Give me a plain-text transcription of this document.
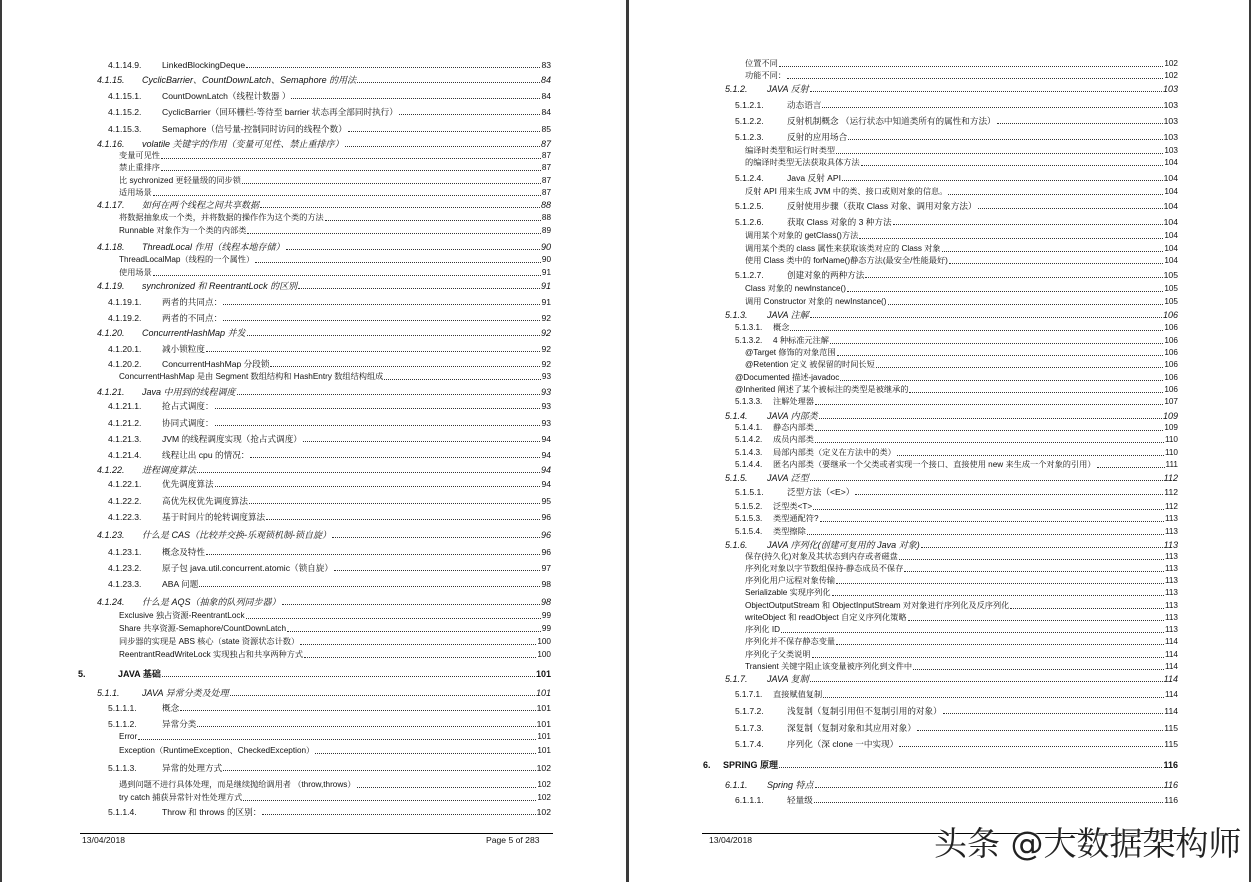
4.1.14.9.	LinkedBlockingDeque	83
4.1.15.	CyclicBarrier、CountDownLatch、Semaphore 的用法	84
4.1.15.1.	CountDownLatch（线程计数器 ）	84
4.1.15.2.	CyclicBarrier（回环栅栏-等待至 barrier 状态再全部同时执行）	84
4.1.15.3.	Semaphore（信号量-控制同时访问的线程个数）	85
4.1.16.	volatile 关键字的作用（变量可见性、禁止重排序）	87
变量可见性	87
禁止重排序	87
比 sychronized 更轻量级的同步锁	87
适用场景	87
4.1.17.	如何在两个线程之间共享数据	88
将数据抽象成一个类，并将数据的操作作为这个类的方法	88
Runnable 对象作为一个类的内部类	89
4.1.18.	ThreadLocal 作用（线程本地存储）	90
ThreadLocalMap（线程的一个属性）	90
使用场景	91
4.1.19.	synchronized 和 ReentrantLock 的区别	91
4.1.19.1.	两者的共同点：	91
4.1.19.2.	两者的不同点：	92
4.1.20.	ConcurrentHashMap 并发	92
4.1.20.1.	减小锁粒度	92
4.1.20.2.	ConcurrentHashMap 分段锁	92
ConcurrentHashMap 是由 Segment 数组结构和 HashEntry 数组结构组成	93
4.1.21.	Java 中用到的线程调度	93
4.1.21.1.	抢占式调度：	93
4.1.21.2.	协同式调度：	93
4.1.21.3.	JVM 的线程调度实现（抢占式调度）	94
4.1.21.4.	线程让出 cpu 的情况：	94
4.1.22.	进程调度算法	94
4.1.22.1.	优先调度算法	94
4.1.22.2.	高优先权优先调度算法	95
4.1.22.3.	基于时间片的轮转调度算法	96
4.1.23.	什么是 CAS（比较并交换-乐观锁机制-锁自旋）	96
4.1.23.1.	概念及特性	96
4.1.23.2.	原子包 java.util.concurrent.atomic（锁自旋）	97
4.1.23.3.	ABA 问题	98
4.1.24.	什么是 AQS（抽象的队列同步器）	98
Exclusive 独占资源-ReentrantLock	99
Share 共享资源-Semaphore/CountDownLatch	99
同步器的实现是 ABS 核心（state 资源状态计数）	100
ReentrantReadWriteLock 实现独占和共享两种方式	100
5.	JAVA 基础	101
5.1.1.	JAVA 异常分类及处理	101
5.1.1.1.	概念	101
5.1.1.2.	异常分类	101
Error	101
Exception（RuntimeException、CheckedException）	101
5.1.1.3.	异常的处理方式	102
遇到问题不进行具体处理，而是继续抛给调用者 （throw,throws）	102
try catch 捕获异常针对性处理方式	102
5.1.1.4.	Throw 和 throws 的区别：	102
13/04/2018	Page 5 of 283
位置不同	102
功能不同：	102
5.1.2.	JAVA 反射	103
5.1.2.1.	动态语言	103
5.1.2.2.	反射机制概念 （运行状态中知道类所有的属性和方法）	103
5.1.2.3.	反射的应用场合	103
编译时类型和运行时类型	103
的编译时类型无法获取具体方法	104
5.1.2.4.	Java 反射 API	104
反射 API 用来生成 JVM 中的类、接口或则对象的信息。	104
5.1.2.5.	反射使用步骤（获取 Class 对象、调用对象方法）	104
5.1.2.6.	获取 Class 对象的 3 种方法	104
调用某个对象的 getClass()方法	104
调用某个类的 class 属性来获取该类对应的 Class 对象	104
使用 Class 类中的 forName()静态方法(最安全/性能最好)	104
5.1.2.7.	创建对象的两种方法	105
Class 对象的 newInstance()	105
调用 Constructor 对象的 newInstance()	105
5.1.3.	JAVA 注解	106
5.1.3.1.	概念	106
5.1.3.2.	4 种标准元注解	106
@Target 修饰的对象范围	106
@Retention 定义 被保留的时间长短	106
@Documented 描述-javadoc	106
@Inherited 阐述了某个被标注的类型是被继承的	106
5.1.3.3.	注解处理器	107
5.1.4.	JAVA 内部类	109
5.1.4.1.	静态内部类	109
5.1.4.2.	成员内部类	110
5.1.4.3.	局部内部类（定义在方法中的类）	110
5.1.4.4.	匿名内部类（要继承一个父类或者实现一个接口、直接使用 new 来生成一个对象的引用）	111
5.1.5.	JAVA 泛型	112
5.1.5.1.	泛型方法（<E>）	112
5.1.5.2.	泛型类<T>	112
5.1.5.3.	类型通配符?	113
5.1.5.4.	类型擦除	113
5.1.6.	JAVA 序列化(创建可复用的 Java 对象)	113
保存(持久化)对象及其状态到内存或者磁盘	113
序列化对象以字节数组保持-静态成员不保存	113
序列化用户远程对象传输	113
Serializable 实现序列化	113
ObjectOutputStream 和 ObjectInputStream 对对象进行序列化及反序列化	113
writeObject 和 readObject 自定义序列化策略	113
序列化 ID	113
序列化并不保存静态变量	114
序列化子父类说明	114
Transient 关键字阻止该变量被序列化到文件中	114
5.1.7.	JAVA 复制	114
5.1.7.1.	直接赋值复制	114
5.1.7.2.	浅复制（复制引用但不复制引用的对象）	114
5.1.7.3.	深复制（复制对象和其应用对象）	115
5.1.7.4.	序列化（深 clone 一中实现）	115
6.	SPRING 原理	116
6.1.1.	Spring 特点	116
6.1.1.1.	轻量级	116
13/04/2018	头条 @大数据架构师
